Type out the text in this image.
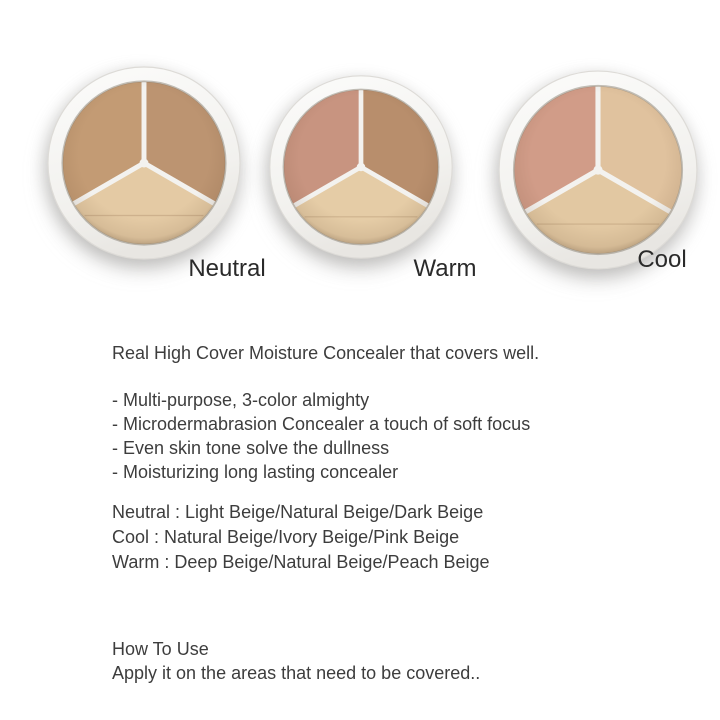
Neutral	Warm	Cool
Real High Cover Moisture Concealer that covers well.
- Multi-purpose, 3-color almighty
- Microdermabrasion Concealer a touch of soft focus
- Even skin tone solve the dullness
- Moisturizing long lasting concealer
Neutral : Light Beige/Natural Beige/Dark Beige
Cool : Natural Beige/Ivory Beige/Pink Beige
Warm : Deep Beige/Natural Beige/Peach Beige
How To Use
Apply it on the areas that need to be covered..
